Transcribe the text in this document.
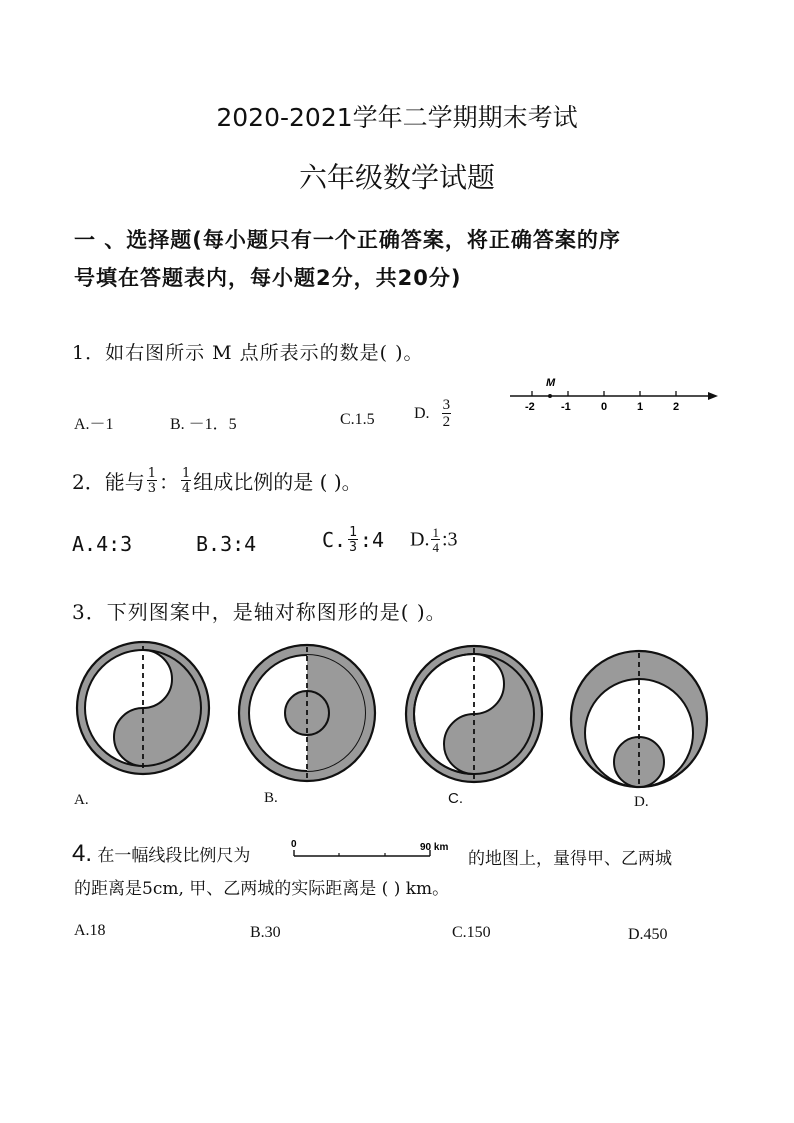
2020-2021学年二学期期末考试
六年级数学试题
一 、选择题(每小题只有一个正确答案，将正确答案的序
号填在答题表内，每小题2分，共20分)
1．如右图所示 M 点所表示的数是( )。
M
-2 -1	0	1	2
A.－1	B. －1．5	C.1.5 D. $\frac{3}{2}$
2．能与 $\frac{1}{3}$ ： $\frac{1}{4}$ 组成比例的是 ( )。
A.4:3	B.3:4	C. $\frac{1}{3}$ :4 D. $\frac{1}{4}$ :3
3．下列图案中，是轴对称图形的是( )。
A.	B.	C.	D.
4. 在一幅线段比例尺为
0	90 km
的地图上，量得甲、乙两城
的距离是5cm, 甲、乙两城的实际距离是 ( ) km。
A.18	B.30	C.150	D.450
